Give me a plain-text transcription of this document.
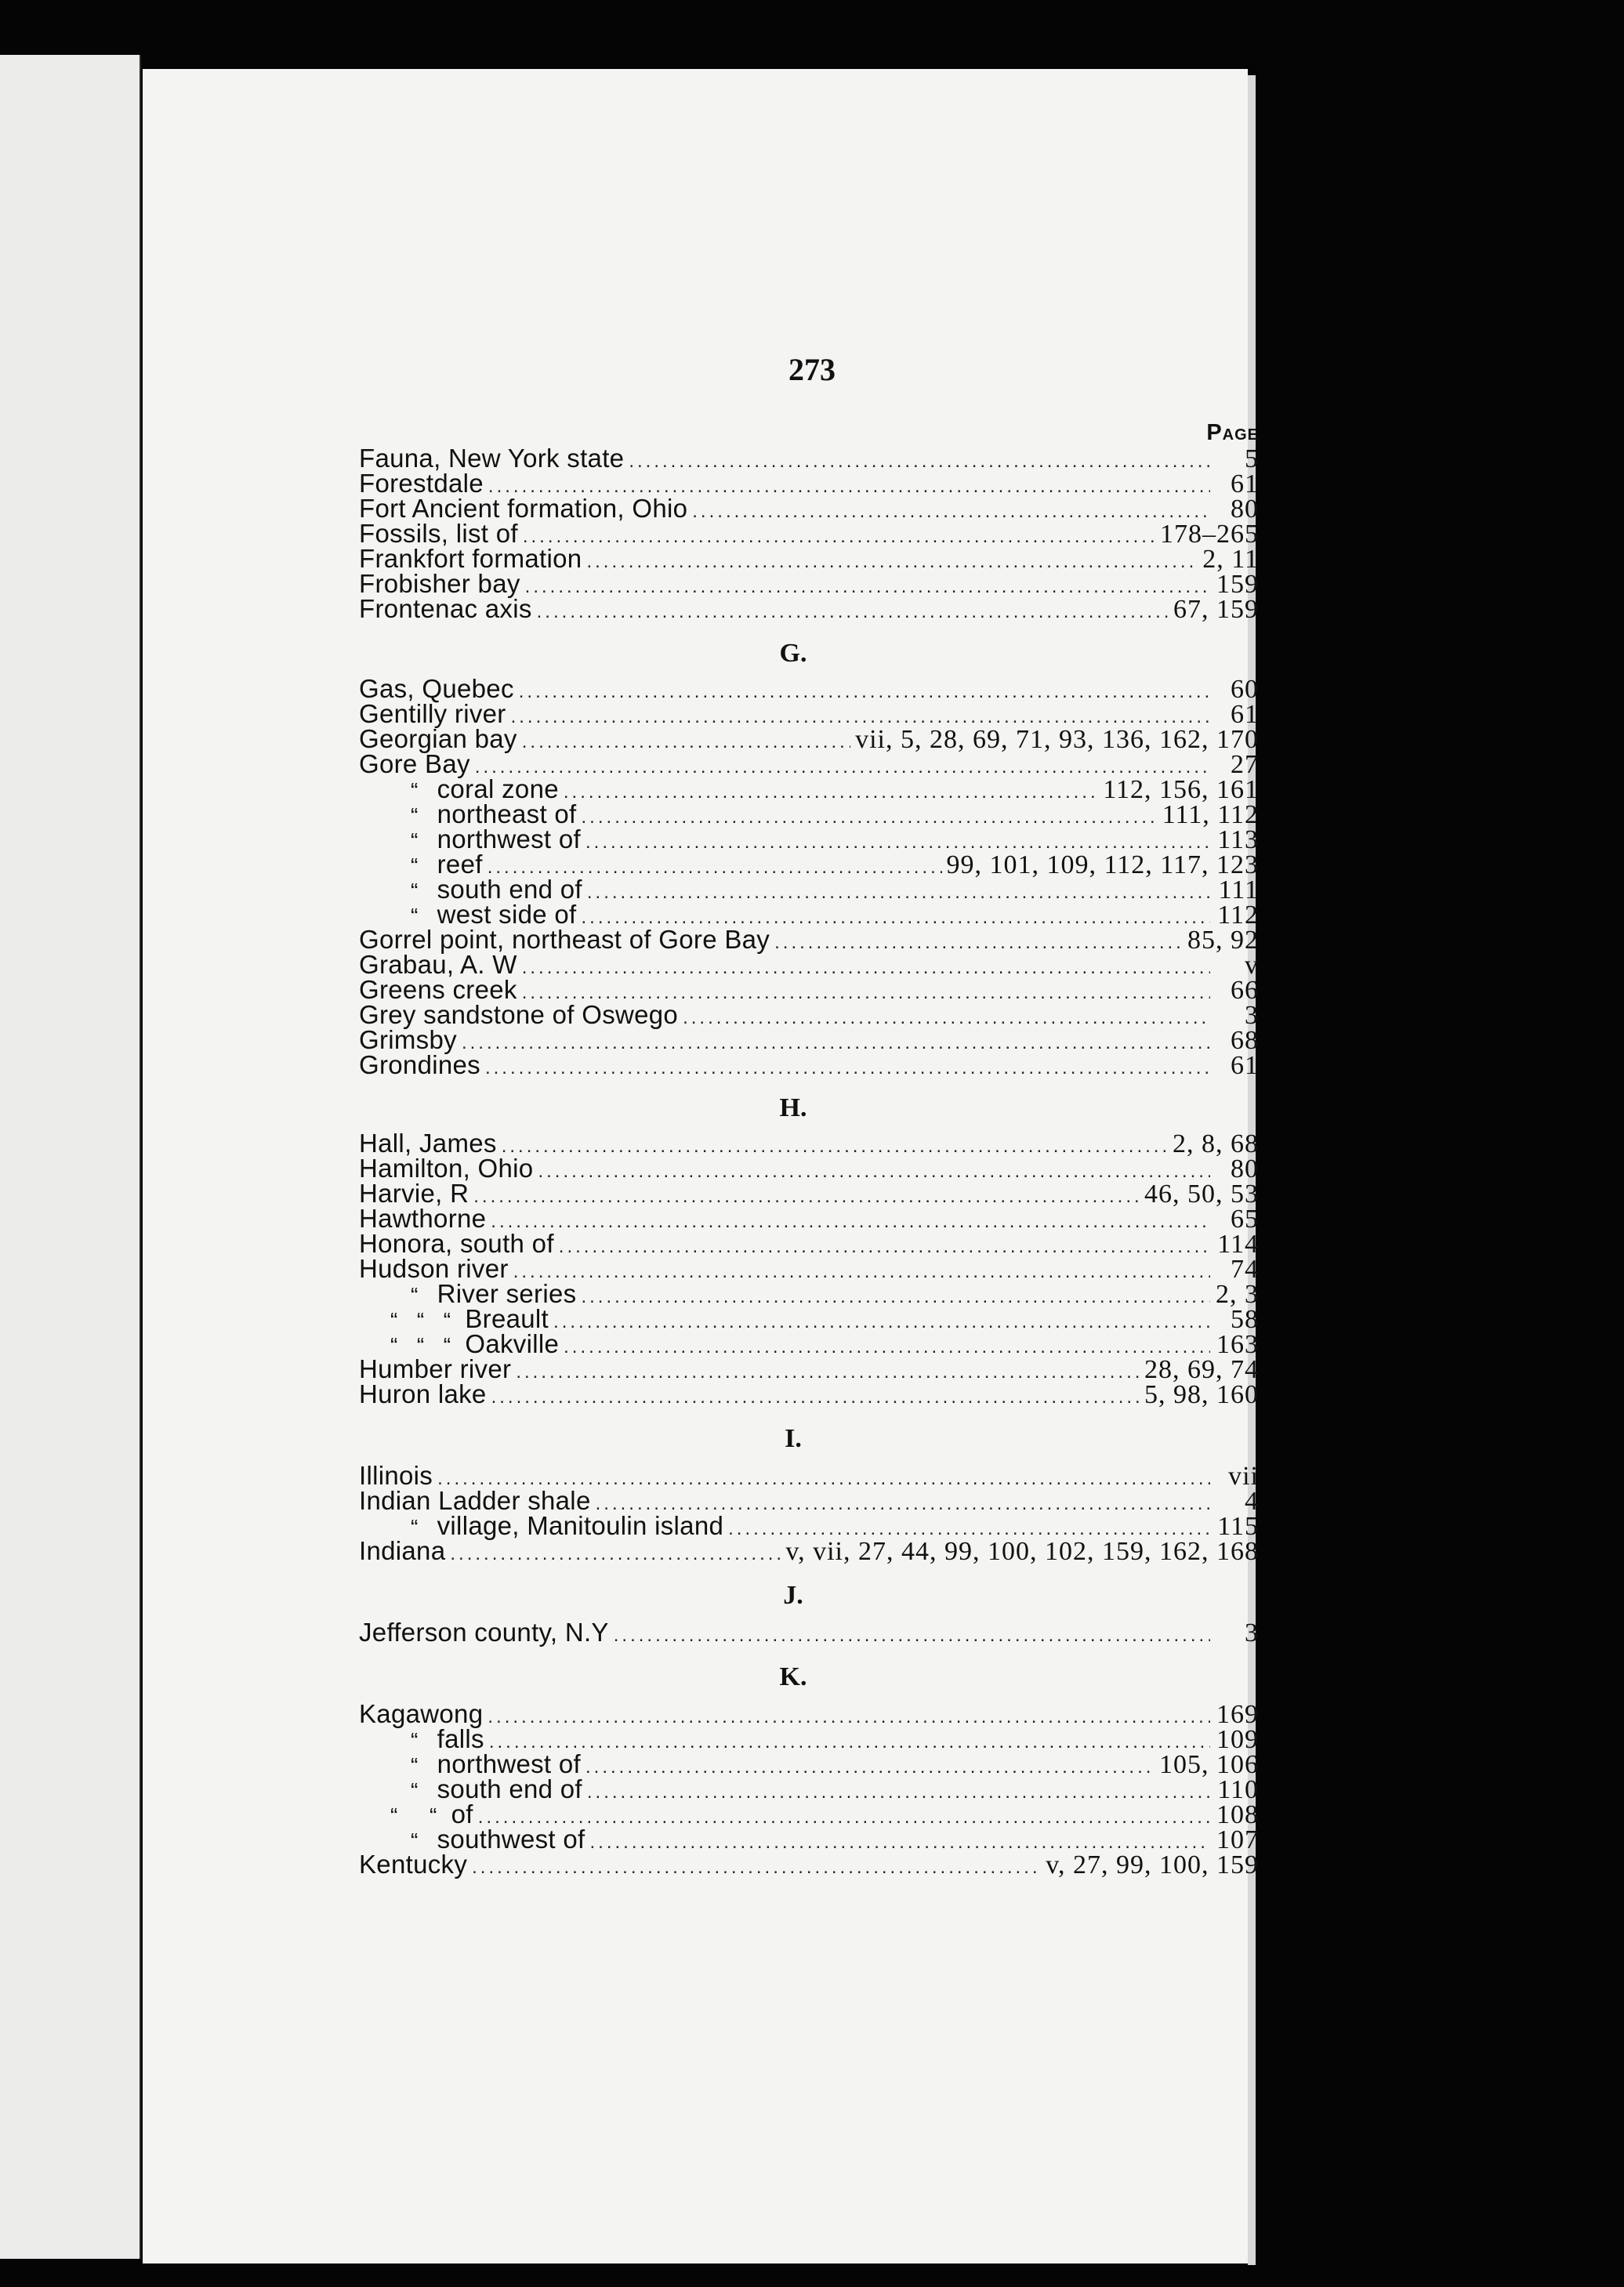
273
Page
Fauna, New York state .....	5
Forestdale .....	61
Fort Ancient formation, Ohio .....	80
Fossils, list of .....	178–265
Frankfort formation .....	2, 11
Frobisher bay .....	159
Frontenac axis .....	67, 159
G.
Gas, Quebec .....	60
Gentilly river .....	61
Georgian bay .....	vii, 5, 28, 69, 71, 93, 136, 162, 170
Gore Bay .....	27
“ coral zone .....	112, 156, 161
“ northeast of .....	111, 112
“ northwest of .....	113
“ reef .....	99, 101, 109, 112, 117, 123
“ south end of .....	111
“ west side of .....	112
Gorrel point, northeast of Gore Bay .....	85, 92
Grabau, A. W .....	v
Greens creek .....	66
Grey sandstone of Oswego .....	3
Grimsby .....	68
Grondines .....	61
H.
Hall, James .....	2, 8, 68
Hamilton, Ohio .....	80
Harvie, R .....	46, 50, 53
Hawthorne .....	65
Honora, south of .....	114
Hudson river .....	74
“ River series .....	2, 3
“   “   “ Breault .....	58
“   “   “ Oakville .....	163
Humber river .....	28, 69, 74
Huron lake .....	5, 98, 160
I.
Illinois .....	vii
Indian Ladder shale .....	4
“ village, Manitoulin island .....	115
Indiana .....	v, vii, 27, 44, 99, 100, 102, 159, 162, 168
J.
Jefferson county, N.Y .....	3
K.
Kagawong .....	169
“ falls .....	109
“ northwest of .....	105, 106
“ south end of .....	110
“     “ of .....	108
“ southwest of .....	107
Kentucky .....	v, 27, 99, 100, 159
